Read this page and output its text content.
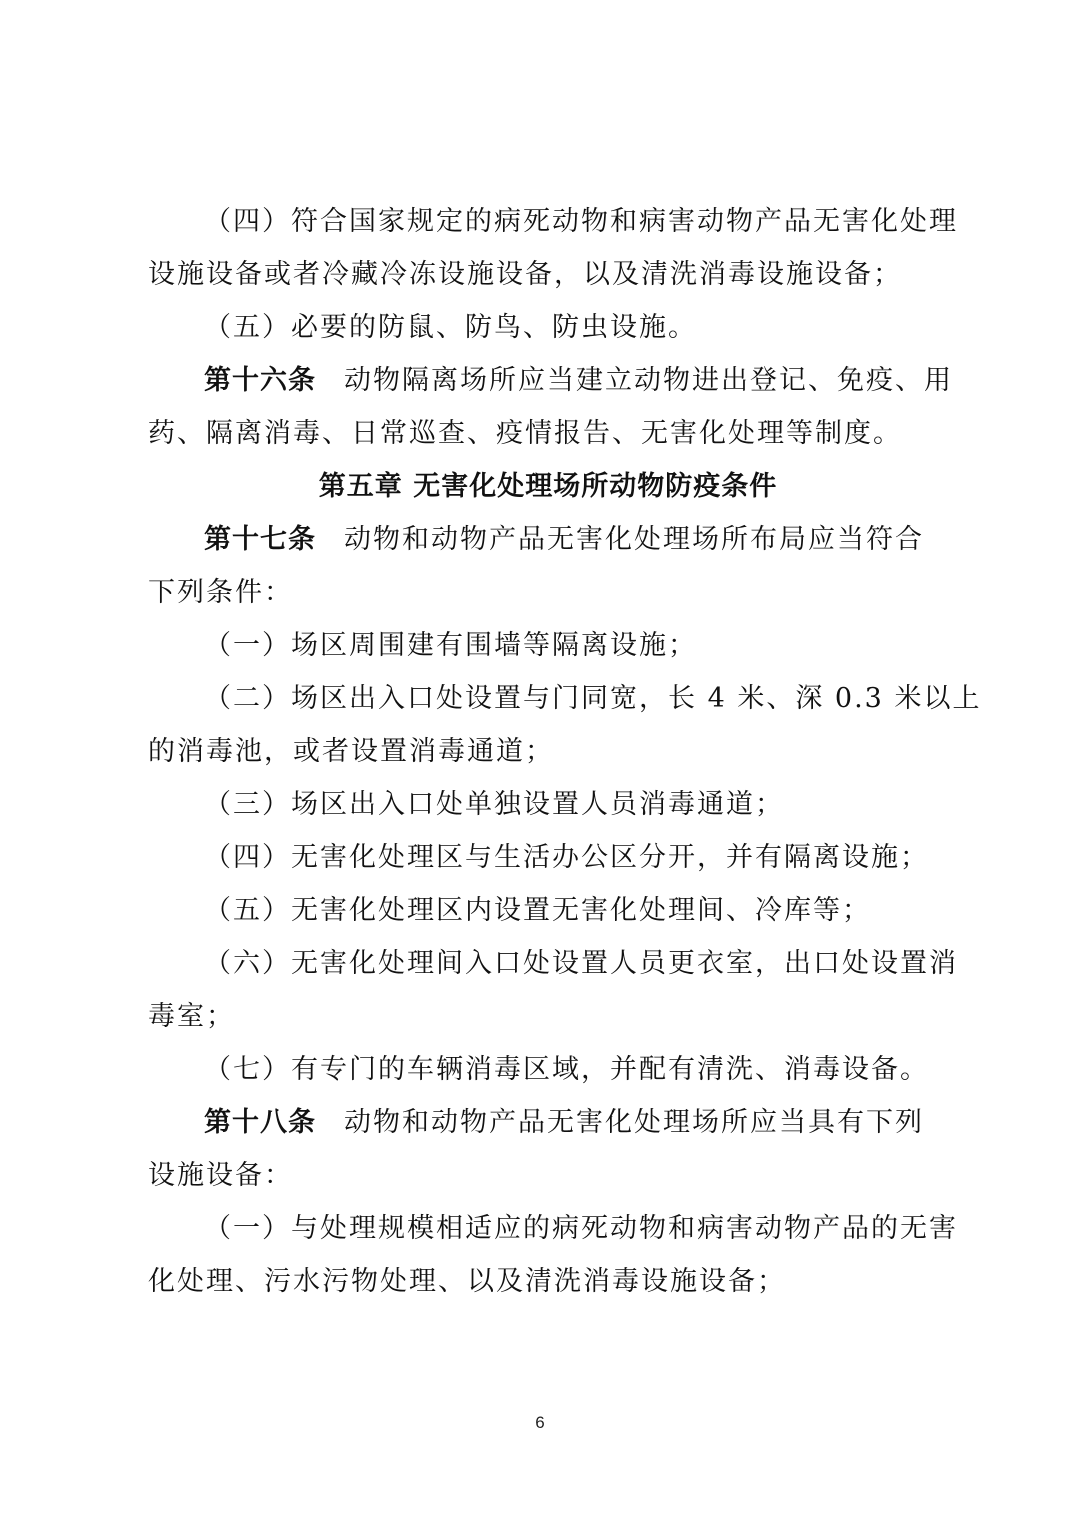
（四）符合国家规定的病死动物和病害动物产品无害化处理
设施设备或者冷藏冷冻设施设备，以及清洗消毒设施设备；
（五）必要的防鼠、防鸟、防虫设施。
第十六条 动物隔离场所应当建立动物进出登记、免疫、用
药、隔离消毒、日常巡查、疫情报告、无害化处理等制度。
第五章 无害化处理场所动物防疫条件
第十七条 动物和动物产品无害化处理场所布局应当符合
下列条件：
（一）场区周围建有围墙等隔离设施；
（二）场区出入口处设置与门同宽，长 4 米、深 0.3 米以上
的消毒池，或者设置消毒通道；
（三）场区出入口处单独设置人员消毒通道；
（四）无害化处理区与生活办公区分开，并有隔离设施；
（五）无害化处理区内设置无害化处理间、冷库等；
（六）无害化处理间入口处设置人员更衣室，出口处设置消
毒室；
（七）有专门的车辆消毒区域，并配有清洗、消毒设备。
第十八条 动物和动物产品无害化处理场所应当具有下列
设施设备：
（一）与处理规模相适应的病死动物和病害动物产品的无害
化处理、污水污物处理、以及清洗消毒设施设备；
6
